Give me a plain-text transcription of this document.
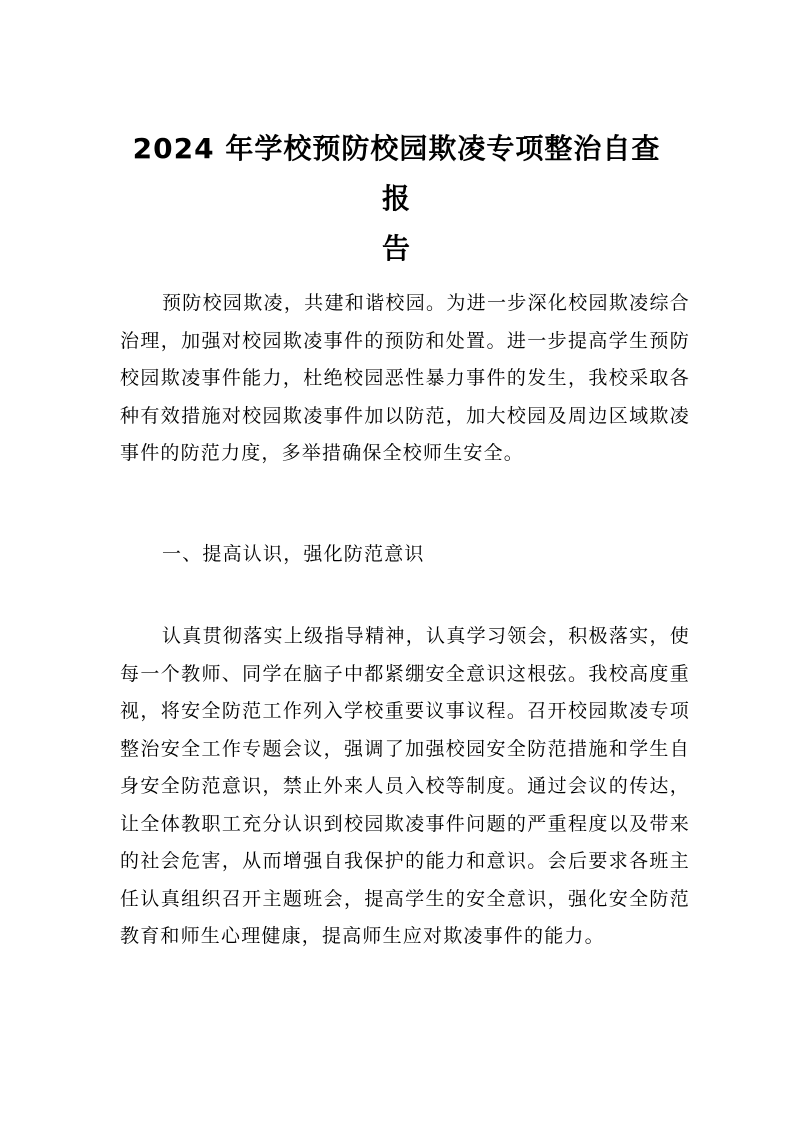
2024 年学校预防校园欺凌专项整治自查报
告

预防校园欺凌，共建和谐校园。为进一步深化校园欺凌综合治理，加强对校园欺凌事件的预防和处置。进一步提高学生预防校园欺凌事件能力，杜绝校园恶性暴力事件的发生，我校采取各种有效措施对校园欺凌事件加以防范，加大校园及周边区域欺凌事件的防范力度，多举措确保全校师生安全。

一、提高认识，强化防范意识

认真贯彻落实上级指导精神，认真学习领会，积极落实，使每一个教师、同学在脑子中都紧绷安全意识这根弦。我校高度重视，将安全防范工作列入学校重要议事议程。召开校园欺凌专项整治安全工作专题会议，强调了加强校园安全防范措施和学生自身安全防范意识，禁止外来人员入校等制度。通过会议的传达，让全体教职工充分认识到校园欺凌事件问题的严重程度以及带来的社会危害，从而增强自我保护的能力和意识。会后要求各班主任认真组织召开主题班会，提高学生的安全意识，强化安全防范教育和师生心理健康，提高师生应对欺凌事件的能力。
